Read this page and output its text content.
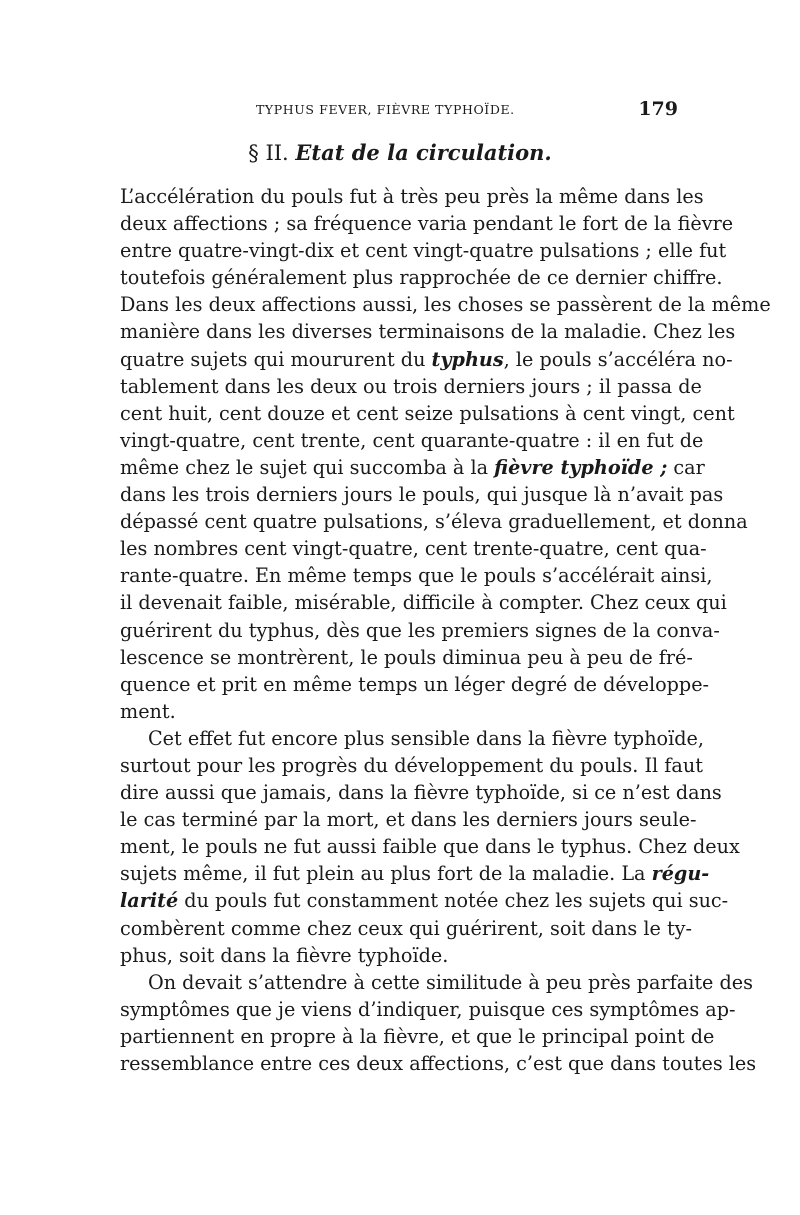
TYPHUS FEVER, FIÈVRE TYPHOÏDE.	179
§ II. Etat de la circulation.
L’accélération du pouls fut à très peu près la même dans les
deux affections ; sa fréquence varia pendant le fort de la fièvre
entre quatre-vingt-dix et cent vingt-quatre pulsations ; elle fut
toutefois généralement plus rapprochée de ce dernier chiffre.
Dans les deux affections aussi, les choses se passèrent de la même
manière dans les diverses terminaisons de la maladie. Chez les
quatre sujets qui moururent du typhus, le pouls s’accéléra no-
tablement dans les deux ou trois derniers jours ; il passa de
cent huit, cent douze et cent seize pulsations à cent vingt, cent
vingt-quatre, cent trente, cent quarante-quatre : il en fut de
même chez le sujet qui succomba à la fièvre typhoïde ; car
dans les trois derniers jours le pouls, qui jusque là n’avait pas
dépassé cent quatre pulsations, s’éleva graduellement, et donna
les nombres cent vingt-quatre, cent trente-quatre, cent qua-
rante-quatre. En même temps que le pouls s’accélérait ainsi,
il devenait faible, misérable, difficile à compter. Chez ceux qui
guérirent du typhus, dès que les premiers signes de la conva-
lescence se montrèrent, le pouls diminua peu à peu de fré-
quence et prit en même temps un léger degré de développe-
ment.
Cet effet fut encore plus sensible dans la fièvre typhoïde,
surtout pour les progrès du développement du pouls. Il faut
dire aussi que jamais, dans la fièvre typhoïde, si ce n’est dans
le cas terminé par la mort, et dans les derniers jours seule-
ment, le pouls ne fut aussi faible que dans le typhus. Chez deux
sujets même, il fut plein au plus fort de la maladie. La régu-
larité du pouls fut constamment notée chez les sujets qui suc-
combèrent comme chez ceux qui guérirent, soit dans le ty-
phus, soit dans la fièvre typhoïde.
On devait s’attendre à cette similitude à peu près parfaite des
symptômes que je viens d’indiquer, puisque ces symptômes ap-
partiennent en propre à la fièvre, et que le principal point de
ressemblance entre ces deux affections, c’est que dans toutes les
